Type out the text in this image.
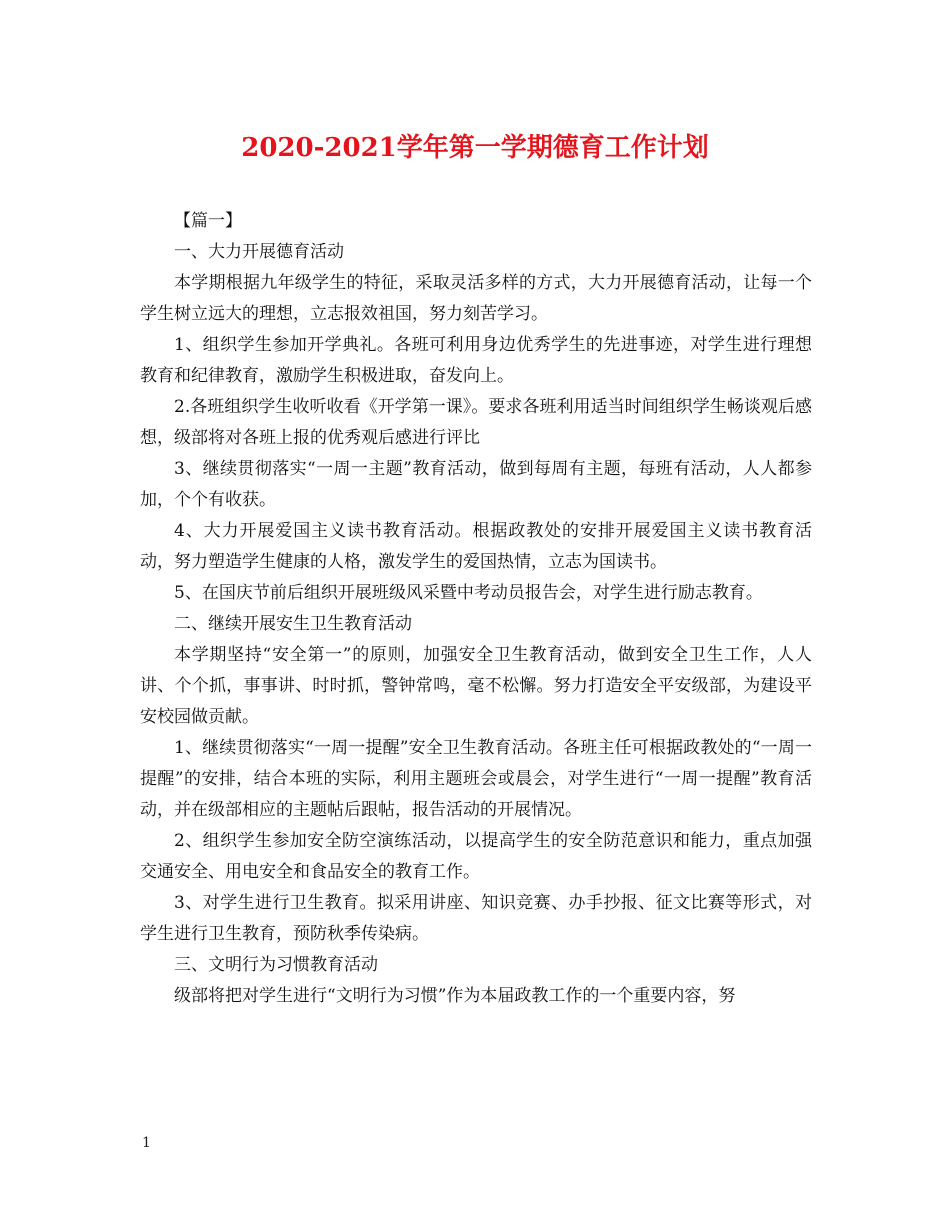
2020-2021学年第一学期德育工作计划

【篇一】

一、大力开展德育活动

本学期根据九年级学生的特征，采取灵活多样的方式，大力开展德育活动，让每一个学生树立远大的理想，立志报效祖国，努力刻苦学习。

1、组织学生参加开学典礼。各班可利用身边优秀学生的先进事迹，对学生进行理想教育和纪律教育，激励学生积极进取，奋发向上。

2.各班组织学生收听收看《开学第一课》。要求各班利用适当时间组织学生畅谈观后感想，级部将对各班上报的优秀观后感进行评比

3、继续贯彻落实“一周一主题”教育活动，做到每周有主题，每班有活动，人人都参加，个个有收获。

4、大力开展爱国主义读书教育活动。根据政教处的安排开展爱国主义读书教育活动，努力塑造学生健康的人格，激发学生的爱国热情，立志为国读书。

5、在国庆节前后组织开展班级风采暨中考动员报告会，对学生进行励志教育。

二、继续开展安生卫生教育活动

本学期坚持“安全第一”的原则，加强安全卫生教育活动，做到安全卫生工作，人人讲、个个抓，事事讲、时时抓，警钟常鸣，毫不松懈。努力打造安全平安级部，为建设平安校园做贡献。

1、继续贯彻落实“一周一提醒”安全卫生教育活动。各班主任可根据政教处的“一周一提醒”的安排，结合本班的实际，利用主题班会或晨会，对学生进行“一周一提醒”教育活动，并在级部相应的主题帖后跟帖，报告活动的开展情况。

2、组织学生参加安全防空演练活动，以提高学生的安全防范意识和能力，重点加强交通安全、用电安全和食品安全的教育工作。

3、对学生进行卫生教育。拟采用讲座、知识竞赛、办手抄报、征文比赛等形式，对学生进行卫生教育，预防秋季传染病。

三、文明行为习惯教育活动

级部将把对学生进行“文明行为习惯”作为本届政教工作的一个重要内容，努

1
